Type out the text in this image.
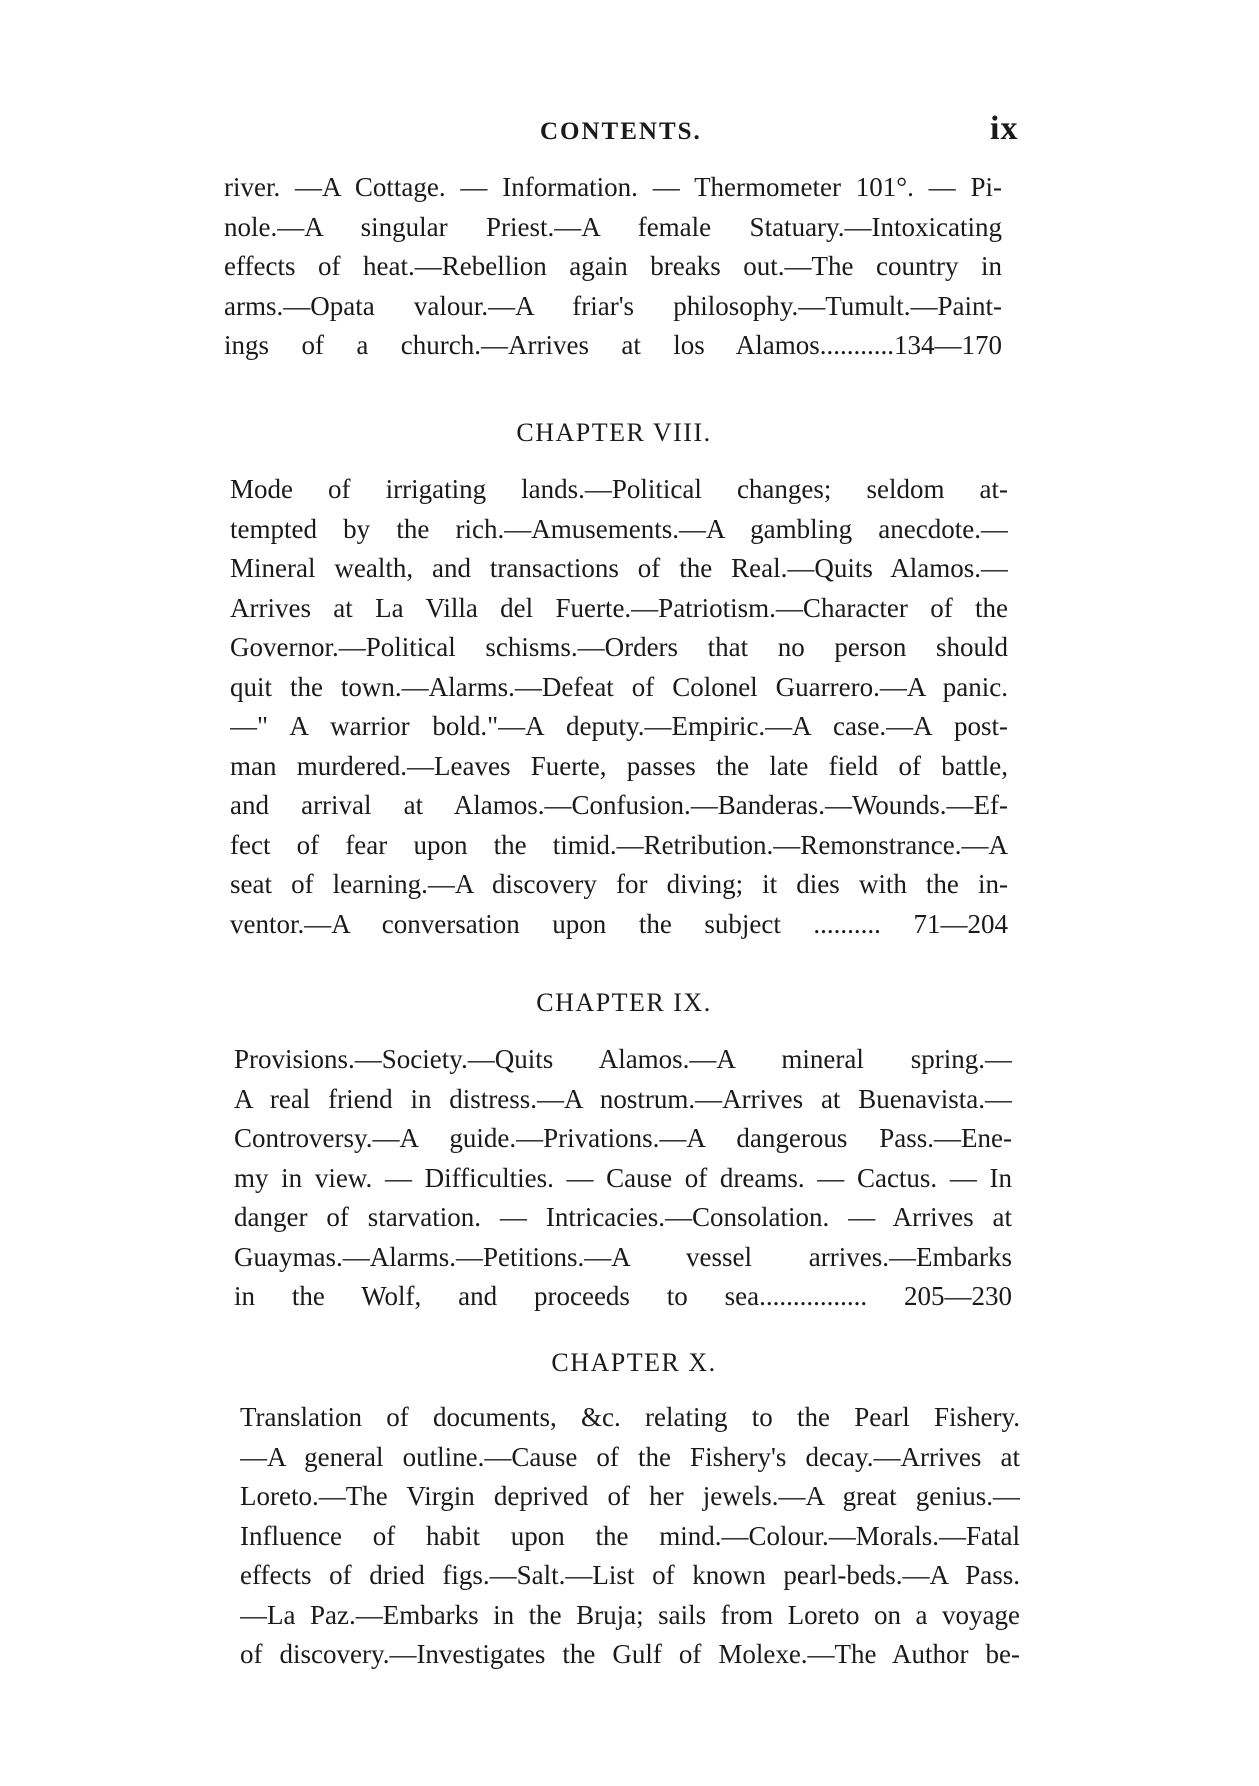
CONTENTS.	ix
river. —A Cottage. — Information. — Thermometer 101°. — Pi-
nole.—A singular Priest.—A female Statuary.—Intoxicating
effects of heat.—Rebellion again breaks out.—The country in
arms.—Opata valour.—A friar's philosophy.—Tumult.—Paint-
ings of a church.—Arrives at los Alamos...........134—170
CHAPTER VIII.
Mode of irrigating lands.—Political changes; seldom at-
tempted by the rich.—Amusements.—A gambling anecdote.—
Mineral wealth, and transactions of the Real.—Quits Alamos.—
Arrives at La Villa del Fuerte.—Patriotism.—Character of the
Governor.—Political schisms.—Orders that no person should
quit the town.—Alarms.—Defeat of Colonel Guarrero.—A panic.
—" A warrior bold."—A deputy.—Empiric.—A case.—A post-
man murdered.—Leaves Fuerte, passes the late field of battle,
and arrival at Alamos.—Confusion.—Banderas.—Wounds.—Ef-
fect of fear upon the timid.—Retribution.—Remonstrance.—A
seat of learning.—A discovery for diving; it dies with the in-
ventor.—A conversation upon the subject .......... 71—204
CHAPTER IX.
Provisions.—Society.—Quits Alamos.—A mineral spring.—
A real friend in distress.—A nostrum.—Arrives at Buenavista.—
Controversy.—A guide.—Privations.—A dangerous Pass.—Ene-
my in view. — Difficulties. — Cause of dreams. — Cactus. — In
danger of starvation. — Intricacies.—Consolation. — Arrives at
Guaymas.—Alarms.—Petitions.—A vessel arrives.—Embarks
in the Wolf, and proceeds to sea................ 205—230
CHAPTER X.
Translation of documents, &c. relating to the Pearl Fishery.
—A general outline.—Cause of the Fishery's decay.—Arrives at
Loreto.—The Virgin deprived of her jewels.—A great genius.—
Influence of habit upon the mind.—Colour.—Morals.—Fatal
effects of dried figs.—Salt.—List of known pearl-beds.—A Pass.
—La Paz.—Embarks in the Bruja; sails from Loreto on a voyage
of discovery.—Investigates the Gulf of Molexe.—The Author be-
